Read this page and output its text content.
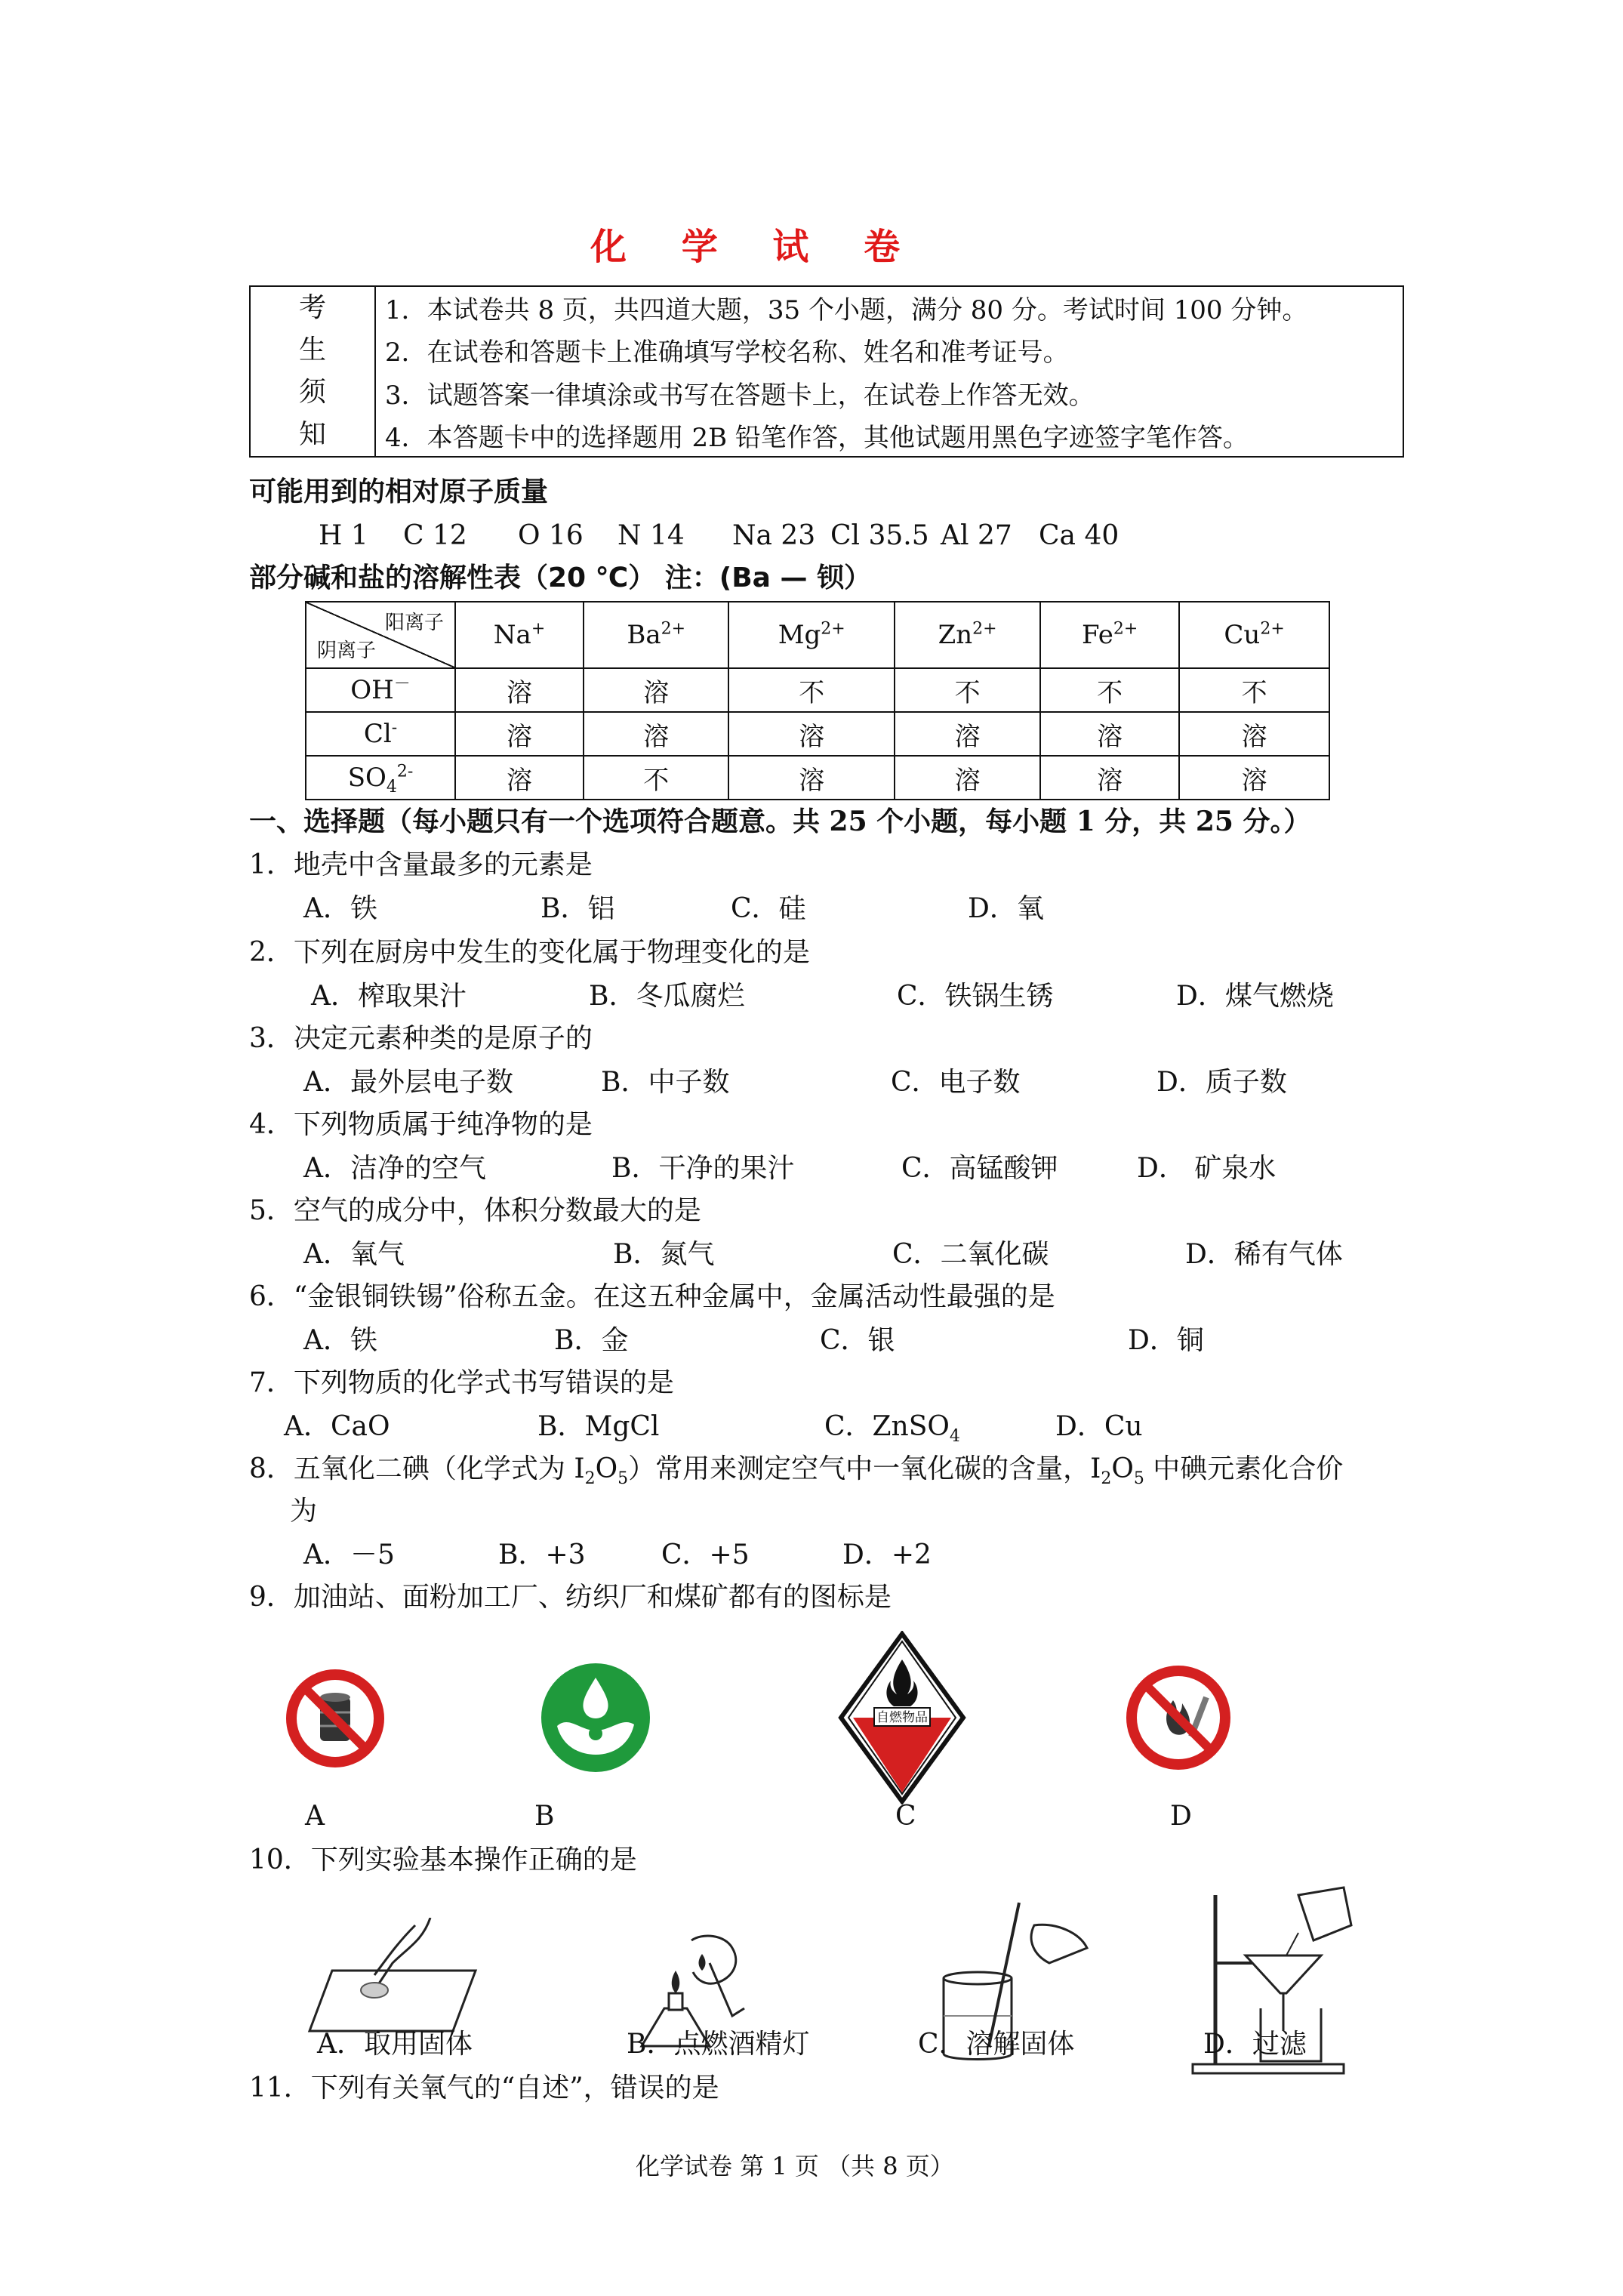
化 学 试 卷
考
生
须
知
	1．本试卷共 8 页，共四道大题，35 个小题，满分 80 分。考试时间 100 分钟。
2．在试卷和答题卡上准确填写学校名称、姓名和准考证号。
3．试题答案一律填涂或书写在答题卡上，在试卷上作答无效。
4．本答题卡中的选择题用 2B 铅笔作答，其他试题用黑色字迹签字笔作答。
可能用到的相对原子质量
H 1 C 12 O 16 N 14 Na 23 Cl 35.5 Al 27 Ca 40
部分碱和盐的溶解性表（20 ℃） 注：(Ba — 钡）
阳离子
阴离子	Na+	$Ba^{2+}$	$Mg^{2+}$	$Zn^{2+}$	$Fe^{2+}$	$Cu^{2+}$
OH－	溶	溶	不	不	不	不
Cl-	溶	溶	溶	溶	溶	溶
$SO_4^{2-}$	溶	不	溶	溶	溶	溶
一、选择题（每小题只有一个选项符合题意。共 25 个小题，每小题 1 分，共 25 分。）
1．地壳中含量最多的元素是
A．铁	B．铝	C．硅	D．氧
2．下列在厨房中发生的变化属于物理变化的是
A．榨取果汁	B．冬瓜腐烂	C．铁锅生锈	D．煤气燃烧
3．决定元素种类的是原子的
A．最外层电子数	B．中子数	C．电子数	D．质子数
4．下列物质属于纯净物的是
A．洁净的空气	B．干净的果汁	C．高锰酸钾	D． 矿泉水
5．空气的成分中，体积分数最大的是
A．氧气	B．氮气	C．二氧化碳	D．稀有气体
6．“金银铜铁锡”俗称五金。在这五种金属中，金属活动性最强的是
A．铁	B．金	C．银	D．铜
7．下列物质的化学式书写错误的是
A．CaO	B．MgCl	C．ZnSO$_4$	D．Cu
8．五氧化二碘（化学式为 $I_2O_5$）常用来测定空气中一氧化碳的含量，$I_2O_5$ 中碘元素化合价
为
A．－5	B．+3	C．+5	D．+2
9．加油站、面粉加工厂、纺织厂和煤矿都有的图标是
自燃物品
A	B	C	D
10．下列实验基本操作正确的是
A．取用固体	B．点燃酒精灯	C．溶解固体	D．过滤
11．下列有关氧气的“自述”，错误的是
化学试卷 第 1 页 （共 8 页）
